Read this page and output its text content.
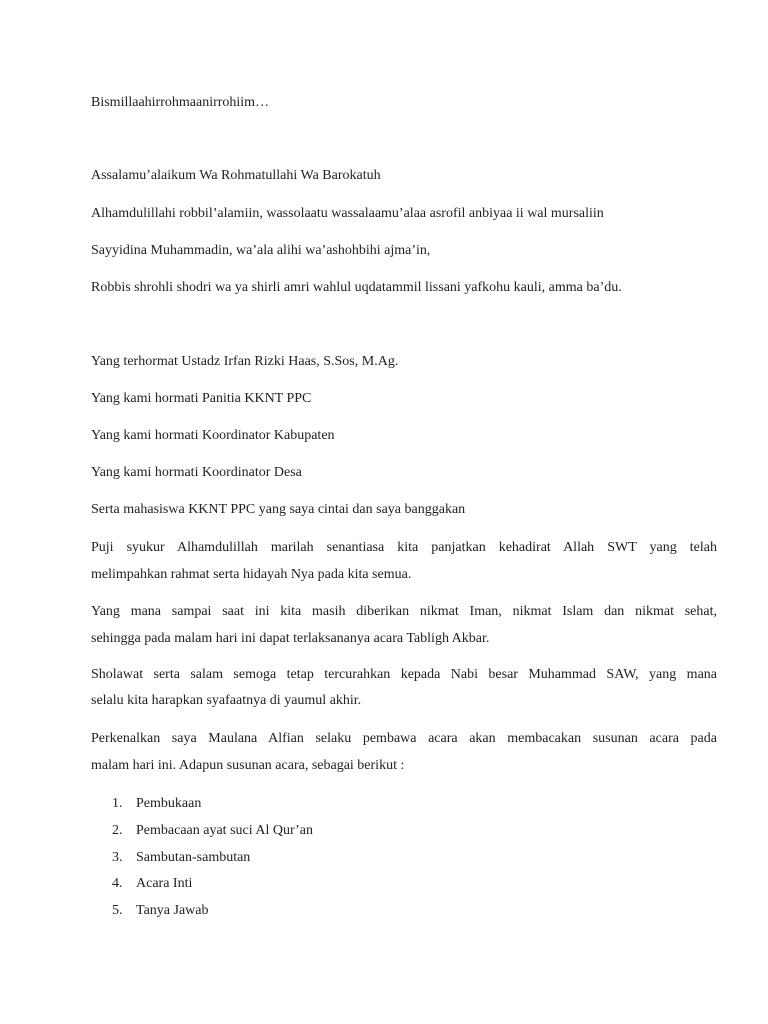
Bismillaahirrohmaanirrohiim…
Assalamu’alaikum Wa Rohmatullahi Wa Barokatuh
Alhamdulillahi robbil’alamiin, wassolaatu wassalaamu’alaa asrofil anbiyaa ii wal mursaliin
Sayyidina Muhammadin, wa’ala alihi wa’ashohbihi ajma’in,
Robbis shrohli shodri wa ya shirli amri wahlul uqdatammil lissani yafkohu kauli, amma ba’du.
Yang terhormat Ustadz Irfan Rizki Haas, S.Sos, M.Ag.
Yang kami hormati Panitia KKNT PPC
Yang kami hormati Koordinator Kabupaten
Yang kami hormati Koordinator Desa
Serta mahasiswa KKNT PPC yang saya cintai dan saya banggakan
Puji syukur Alhamdulillah marilah senantiasa kita panjatkan kehadirat Allah SWT yang telah
melimpahkan rahmat serta hidayah Nya pada kita semua.
Yang mana sampai saat ini kita masih diberikan nikmat Iman, nikmat Islam dan nikmat sehat,
sehingga pada malam hari ini dapat terlaksananya acara Tabligh Akbar.
Sholawat serta salam semoga tetap tercurahkan kepada Nabi besar Muhammad SAW, yang mana
selalu kita harapkan syafaatnya di yaumul akhir.
Perkenalkan saya Maulana Alfian selaku pembawa acara akan membacakan susunan acara pada
malam hari ini. Adapun susunan acara, sebagai berikut :
1. Pembukaan
2. Pembacaan ayat suci Al Qur’an
3. Sambutan-sambutan
4. Acara Inti
5. Tanya Jawab
